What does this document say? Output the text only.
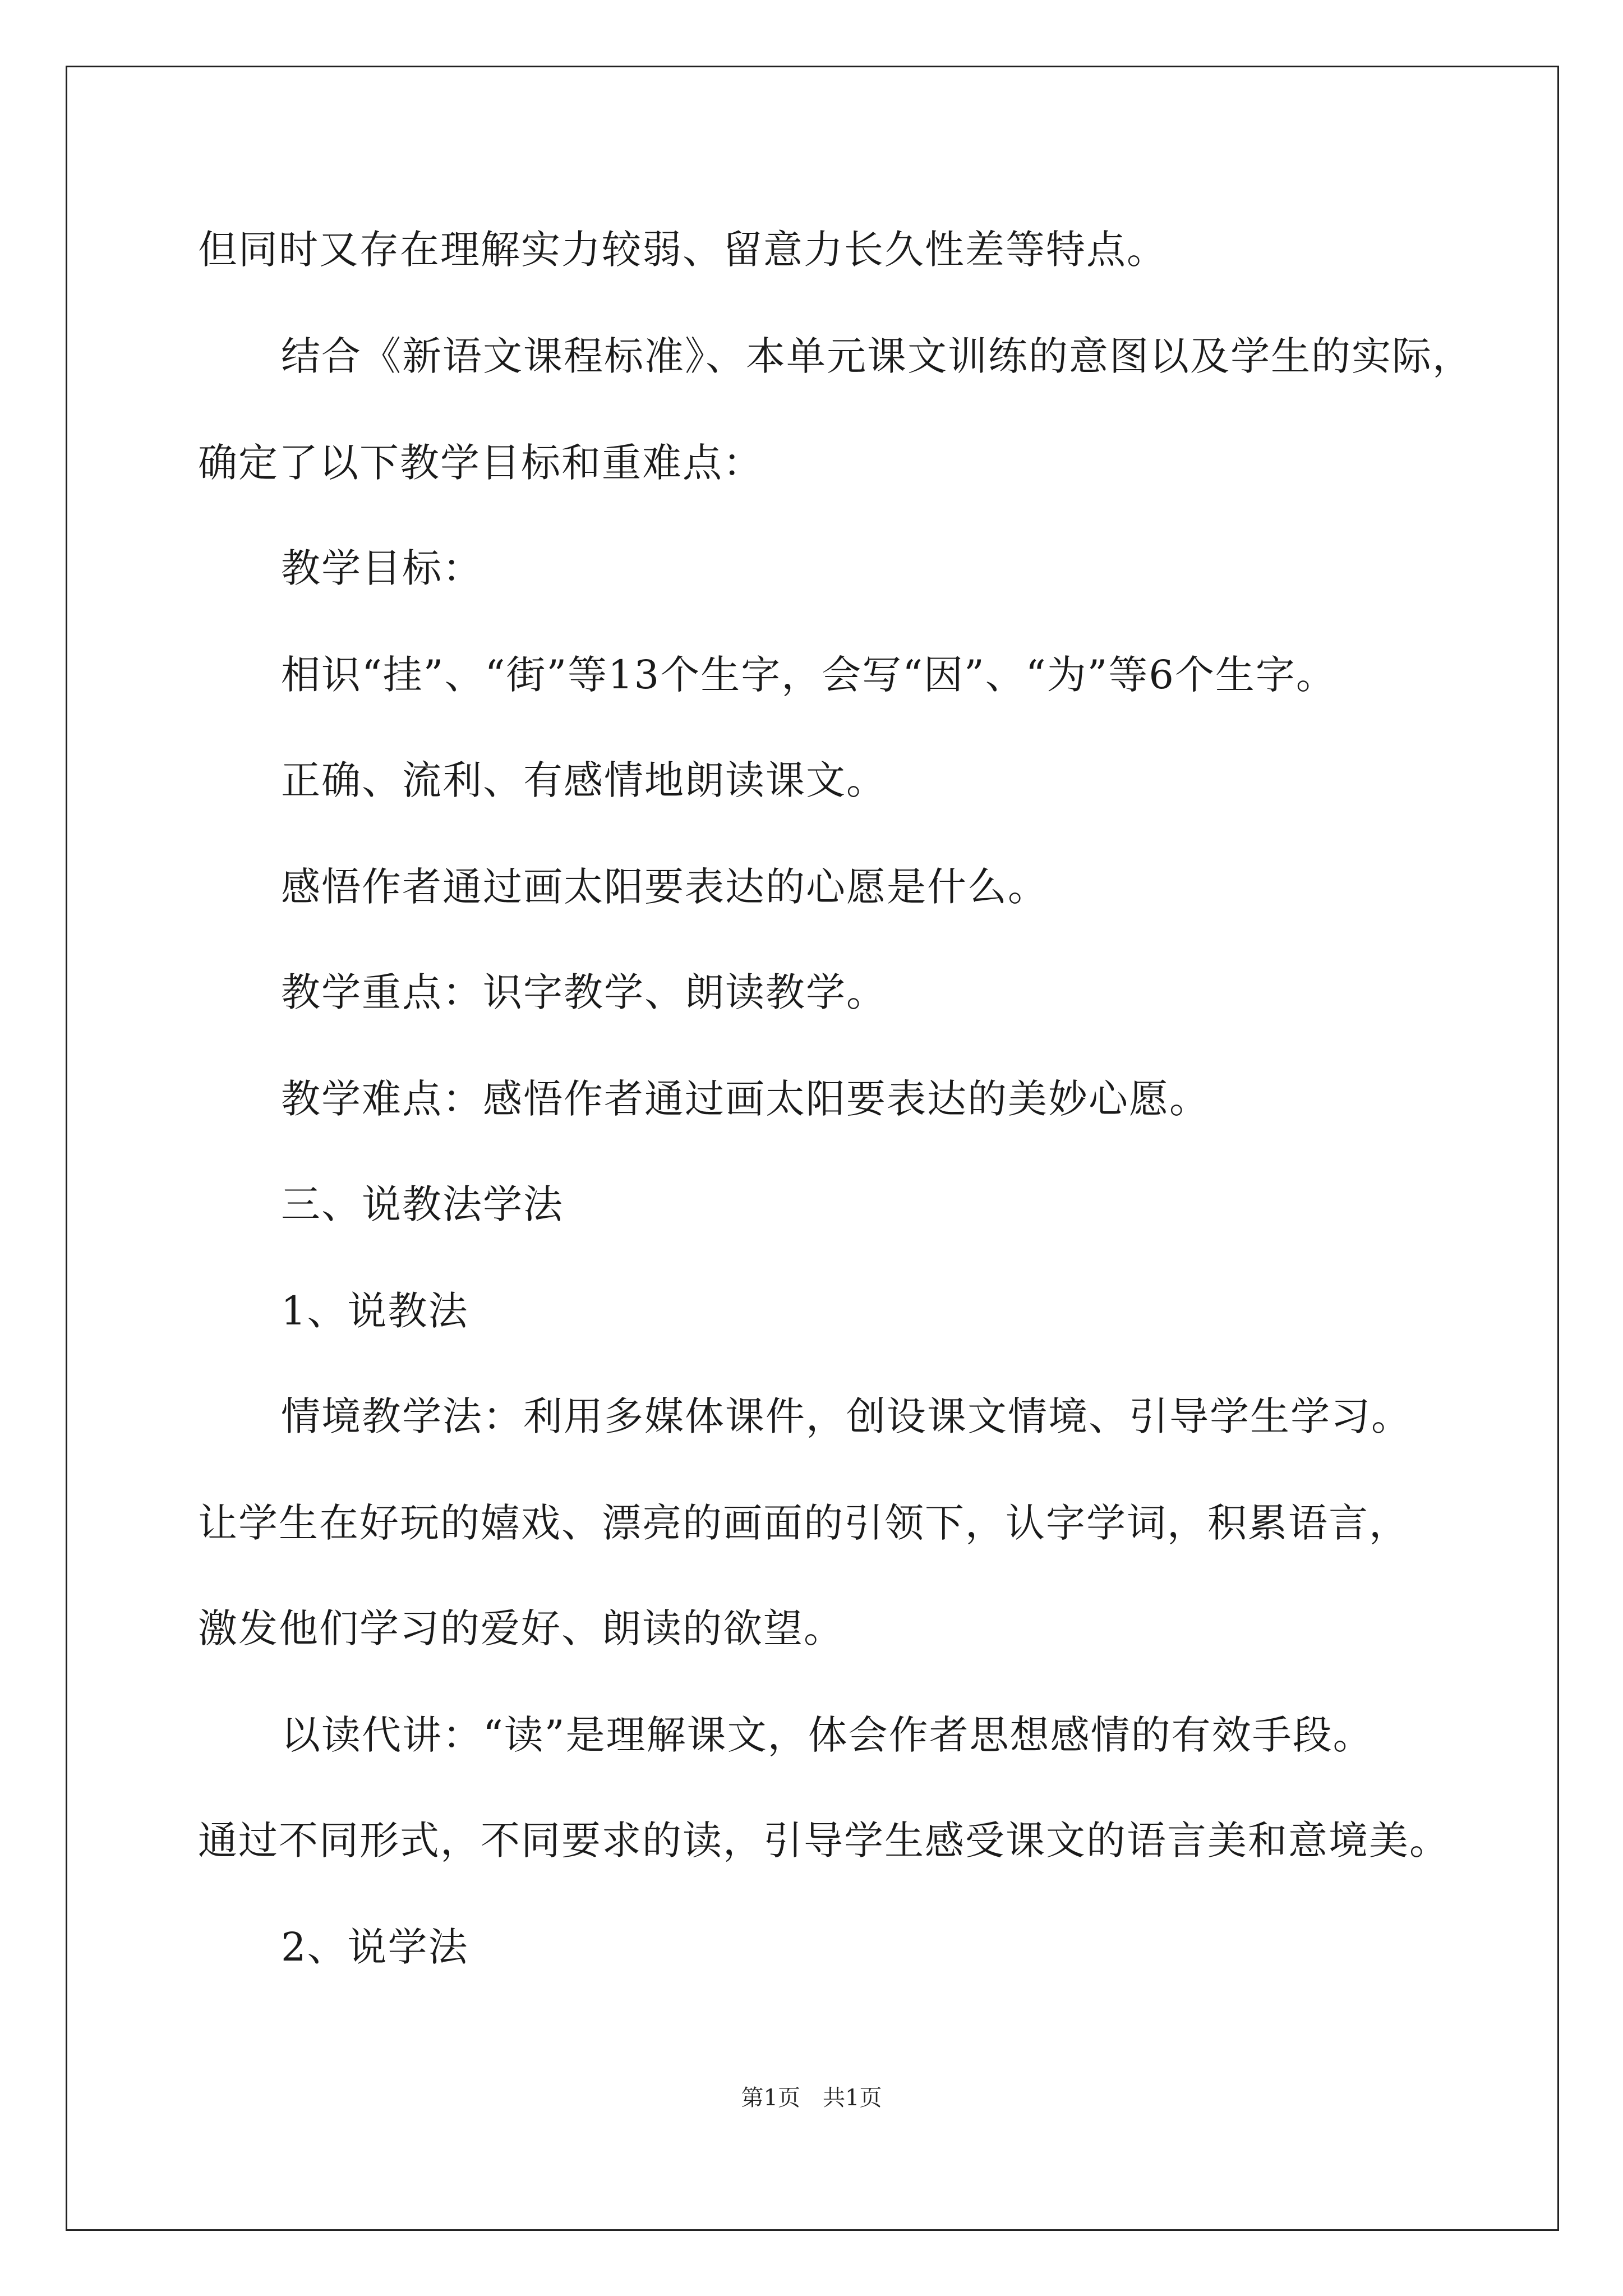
但同时又存在理解实力较弱、留意力长久性差等特点。
结合《新语文课程标准》、本单元课文训练的意图以及学生的实际，
确定了以下教学目标和重难点：
教学目标：
相识“挂”、“街”等13个生字，会写“因”、“为”等6个生字。
正确、流利、有感情地朗读课文。
感悟作者通过画太阳要表达的心愿是什么。
教学重点：识字教学、朗读教学。
教学难点：感悟作者通过画太阳要表达的美妙心愿。
三、说教法学法
1、说教法
情境教学法：利用多媒体课件，创设课文情境、引导学生学习。
让学生在好玩的嬉戏、漂亮的画面的引领下，认字学词，积累语言，
激发他们学习的爱好、朗读的欲望。
以读代讲：“读”是理解课文，体会作者思想感情的有效手段。
通过不同形式，不同要求的读，引导学生感受课文的语言美和意境美。
2、说学法
第1页　共1页
